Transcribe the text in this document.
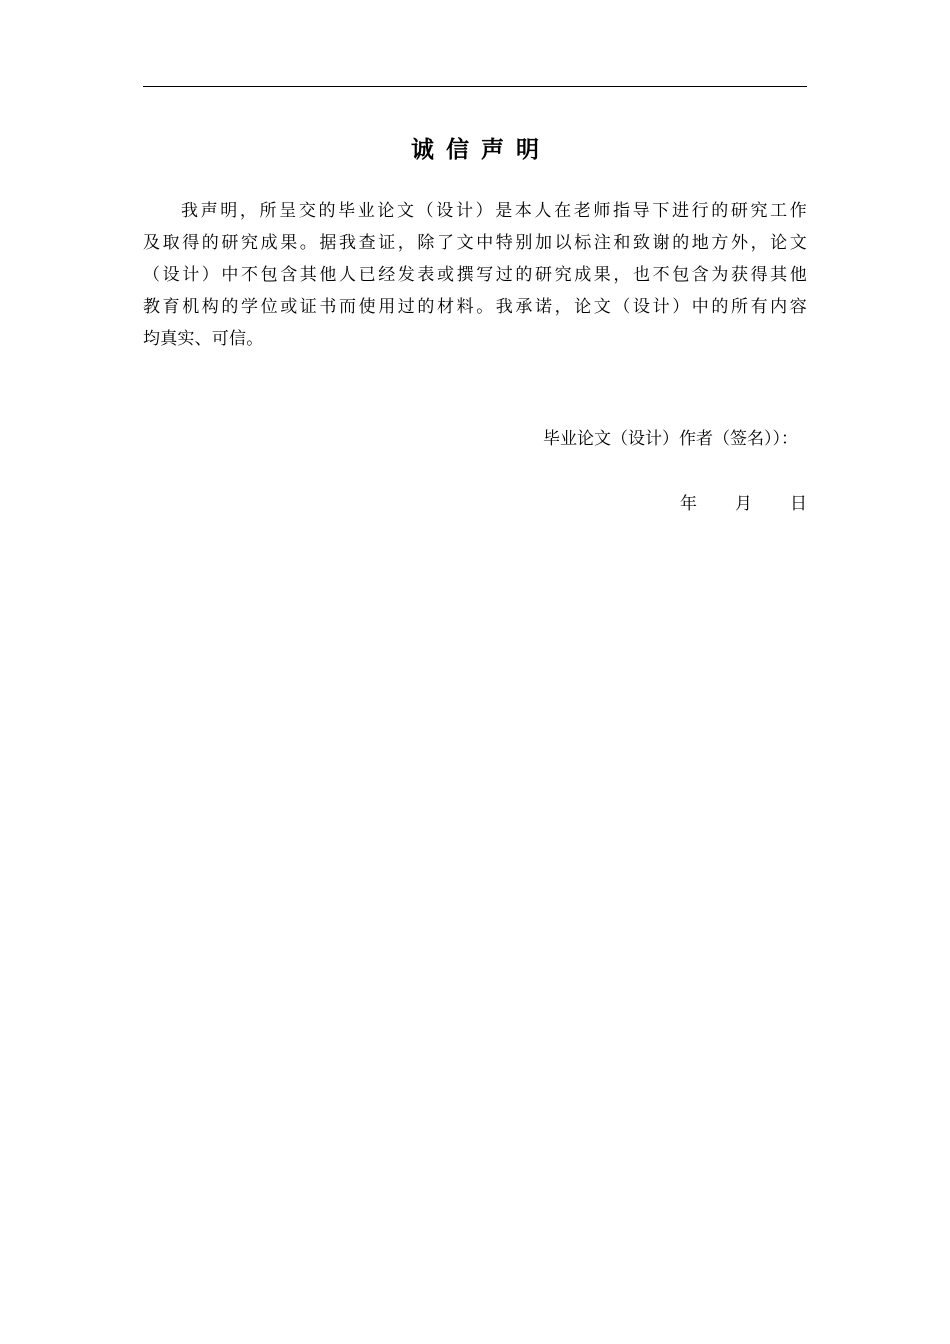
诚信声明
我声明，所呈交的毕业论文（设计）是本人在老师指导下进行的研究工作
及取得的研究成果。据我查证，除了文中特别加以标注和致谢的地方外，论文
（设计）中不包含其他人已经发表或撰写过的研究成果，也不包含为获得其他
教育机构的学位或证书而使用过的材料。我承诺，论文（设计）中的所有内容
均真实、可信。
毕业论文（设计）作者（签名））：
年 月 日
